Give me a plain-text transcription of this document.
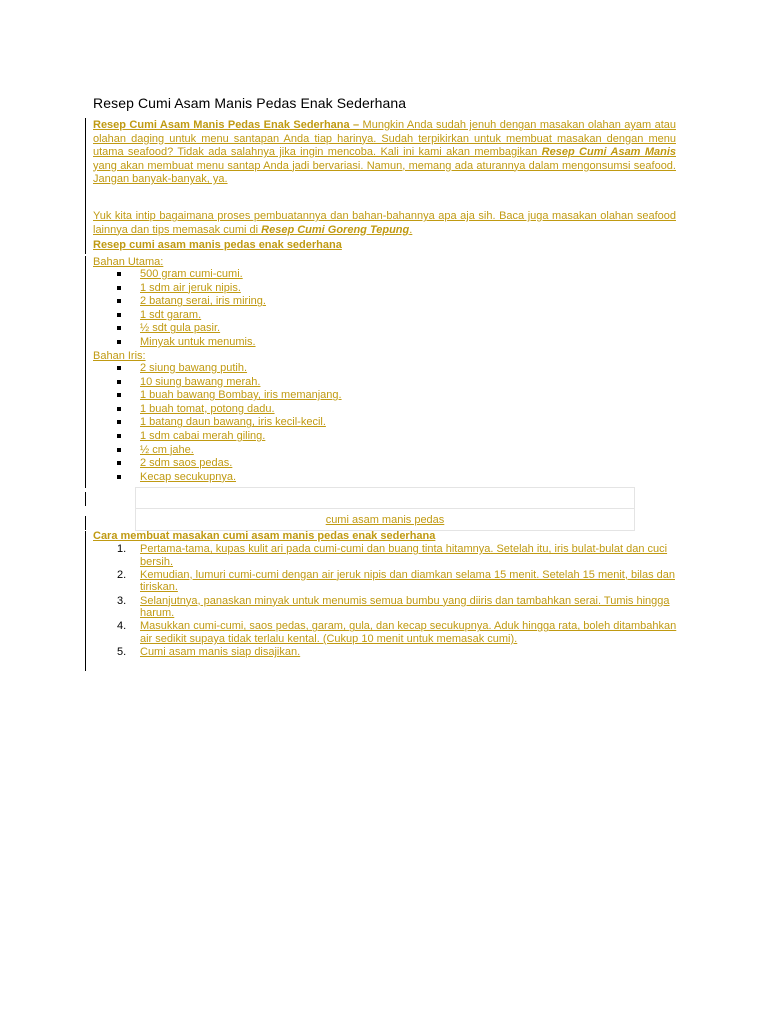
Resep Cumi Asam Manis Pedas Enak Sederhana
Resep Cumi Asam Manis Pedas Enak Sederhana – Mungkin Anda sudah jenuh dengan masakan olahan ayam atau olahan daging untuk menu santapan Anda tiap harinya. Sudah terpikirkan untuk membuat masakan dengan menu utama seafood? Tidak ada salahnya jika ingin mencoba. Kali ini kami akan membagikan Resep Cumi Asam Manis yang akan membuat menu santap Anda jadi bervariasi. Namun, memang ada aturannya dalam mengonsumsi seafood. Jangan banyak-banyak, ya.
Yuk kita intip bagaimana proses pembuatannya dan bahan-bahannya apa aja sih. Baca juga masakan olahan seafood lainnya dan tips memasak cumi di Resep Cumi Goreng Tepung.
Resep cumi asam manis pedas enak sederhana
Bahan Utama:
500 gram cumi-cumi.
1 sdm air jeruk nipis.
2 batang serai, iris miring.
1 sdt garam.
½ sdt gula pasir.
Minyak untuk menumis.
Bahan Iris:
2 siung bawang putih.
10 siung bawang merah.
1 buah bawang Bombay, iris memanjang.
1 buah tomat, potong dadu.
1 batang daun bawang, iris kecil-kecil.
1 sdm cabai merah giling.
½ cm jahe.
2 sdm saos pedas.
Kecap secukupnya.
cumi asam manis pedas
Cara membuat masakan cumi asam manis pedas enak sederhana
1. Pertama-tama, kupas kulit ari pada cumi-cumi dan buang tinta hitamnya. Setelah itu, iris bulat-bulat dan cuci bersih.
2. Kemudian, lumuri cumi-cumi dengan air jeruk nipis dan diamkan selama 15 menit. Setelah 15 menit, bilas dan tiriskan.
3. Selanjutnya, panaskan minyak untuk menumis semua bumbu yang diiris dan tambahkan serai. Tumis hingga harum.
4. Masukkan cumi-cumi, saos pedas, garam, gula, dan kecap secukupnya. Aduk hingga rata, boleh ditambahkan air sedikit supaya tidak terlalu kental. (Cukup 10 menit untuk memasak cumi).
5. Cumi asam manis siap disajikan.
